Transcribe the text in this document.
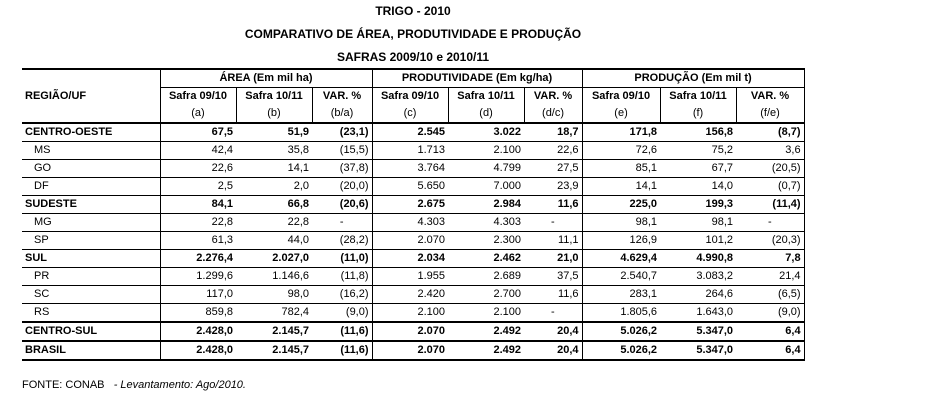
TRIGO - 2010
COMPARATIVO DE ÁREA, PRODUTIVIDADE E PRODUÇÃO
SAFRAS 2009/10 e 2010/11
REGIÃO/UF	ÁREA (Em mil ha)			PRODUTIVIDADE (Em kg/ha)			PRODUÇÃO (Em mil t)		
	Safra 09/10	Safra 10/11	VAR. %	Safra 09/10	Safra 10/11	VAR. %	Safra 09/10	Safra 10/11	VAR. %
	(a)	(b)	(b/a)	(c)	(d)	(d/c)	(e)	(f)	(f/e)
CENTRO-OESTE	67,5	51,9	(23,1)	2.545	3.022	18,7	171,8	156,8	(8,7)
MS	42,4	35,8	(15,5)	1.713	2.100	22,6	72,6	75,2	3,6
GO	22,6	14,1	(37,8)	3.764	4.799	27,5	85,1	67,7	(20,5)
DF	2,5	2,0	(20,0)	5.650	7.000	23,9	14,1	14,0	(0,7)
SUDESTE	84,1	66,8	(20,6)	2.675	2.984	11,6	225,0	199,3	(11,4)
MG	22,8	22,8	-	4.303	4.303	-	98,1	98,1	-
SP	61,3	44,0	(28,2)	2.070	2.300	11,1	126,9	101,2	(20,3)
SUL	2.276,4	2.027,0	(11,0)	2.034	2.462	21,0	4.629,4	4.990,8	7,8
PR	1.299,6	1.146,6	(11,8)	1.955	2.689	37,5	2.540,7	3.083,2	21,4
SC	117,0	98,0	(16,2)	2.420	2.700	11,6	283,1	264,6	(6,5)
RS	859,8	782,4	(9,0)	2.100	2.100	-	1.805,6	1.643,0	(9,0)
CENTRO-SUL	2.428,0	2.145,7	(11,6)	2.070	2.492	20,4	5.026,2	5.347,0	6,4
BRASIL	2.428,0	2.145,7	(11,6)	2.070	2.492	20,4	5.026,2	5.347,0	6,4
FONTE: CONAB - Levantamento: Ago/2010.
